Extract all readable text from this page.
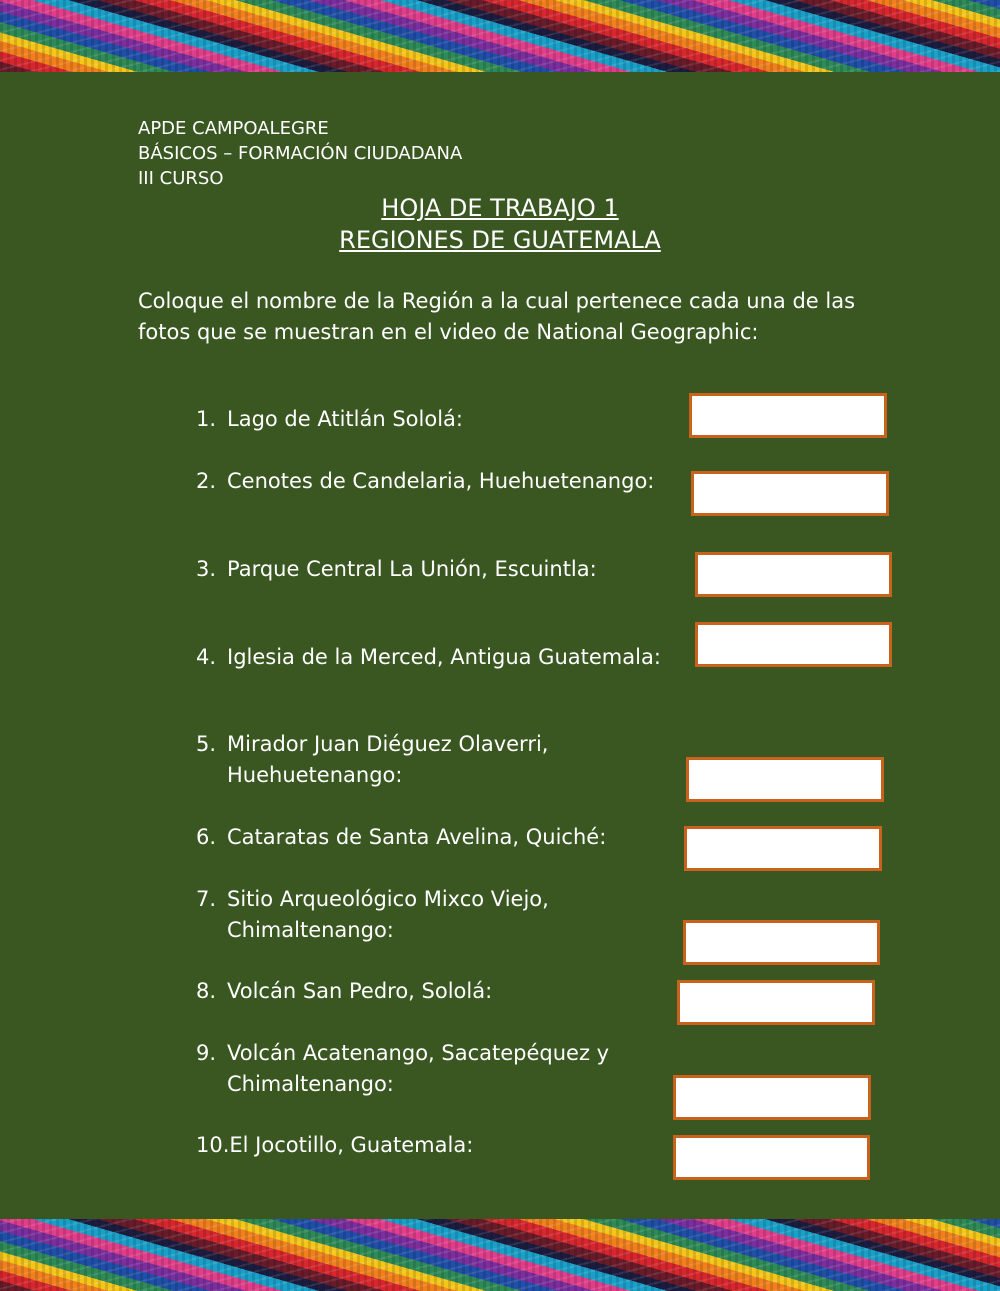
APDE CAMPOALEGRE
BÁSICOS – FORMACIÓN CIUDADANA
III CURSO
HOJA DE TRABAJO 1
REGIONES DE GUATEMALA
Coloque el nombre de la Región a la cual pertenece cada una de las fotos que se muestran en el video de National Geographic:
1. Lago de Atitlán Sololá:
2. Cenotes de Candelaria, Huehuetenango:
3. Parque Central La Unión, Escuintla:
4. Iglesia de la Merced, Antigua Guatemala:
5. Mirador Juan Diéguez Olaverri,
Huehuetenango:
6. Cataratas de Santa Avelina, Quiché:
7. Sitio Arqueológico Mixco Viejo,
Chimaltenango:
8. Volcán San Pedro, Sololá:
9. Volcán Acatenango, Sacatepéquez y
Chimaltenango:
10.El Jocotillo, Guatemala:
